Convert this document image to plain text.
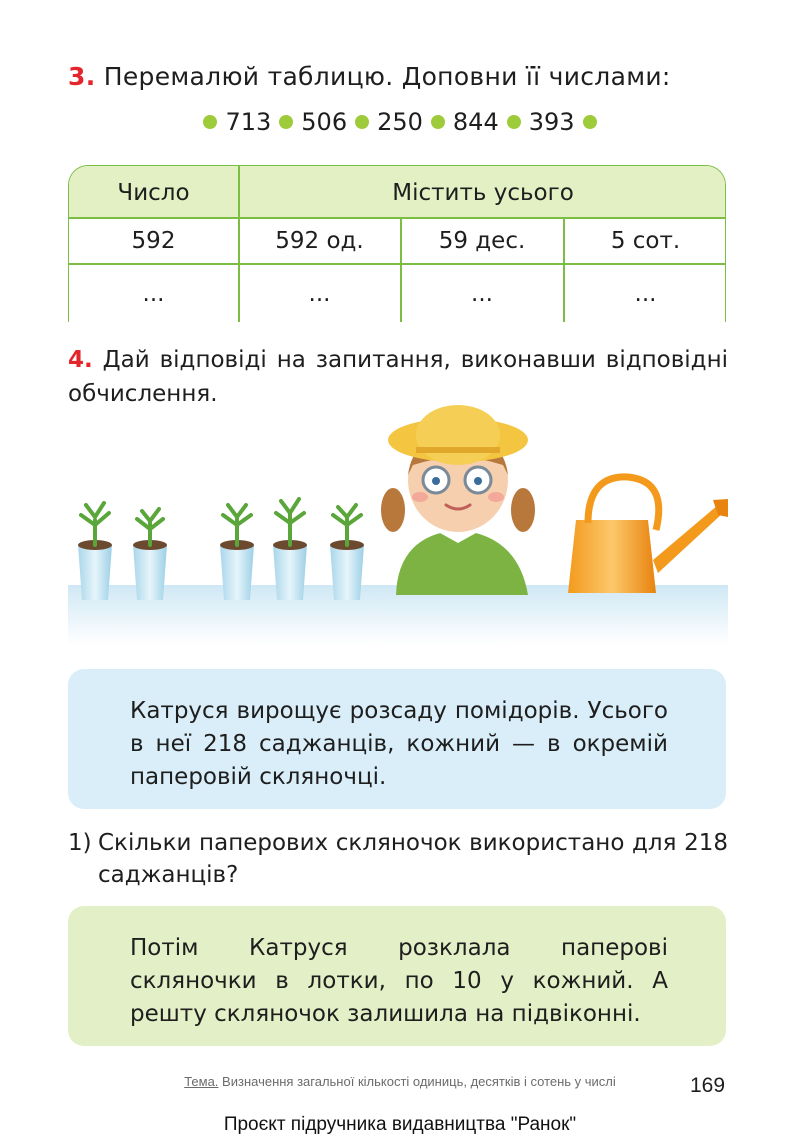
3. Перемалюй таблицю. Доповни її числами:
713 506 250 844 393
Число	Містить усього
592	592 од.	59 дес.	5 сот.
...	...	...	...
4. Дай відповіді на запитання, виконавши відповідні обчислення.
Катруся вирощує розсаду помідорів. Усього в неї 218 саджанців, кожний — в окремій паперовій скляночці.
1) Скільки паперових скляночок використано для 218 саджанців?
Потім Катруся розклала паперові скляночки в лотки, по 10 у кожний. А решту скляночок залишила на підвіконні.
Тема. Визначення загальної кількості одиниць, десятків і сотень у числі	169
Проєкт підручника видавництва "Ранок"
